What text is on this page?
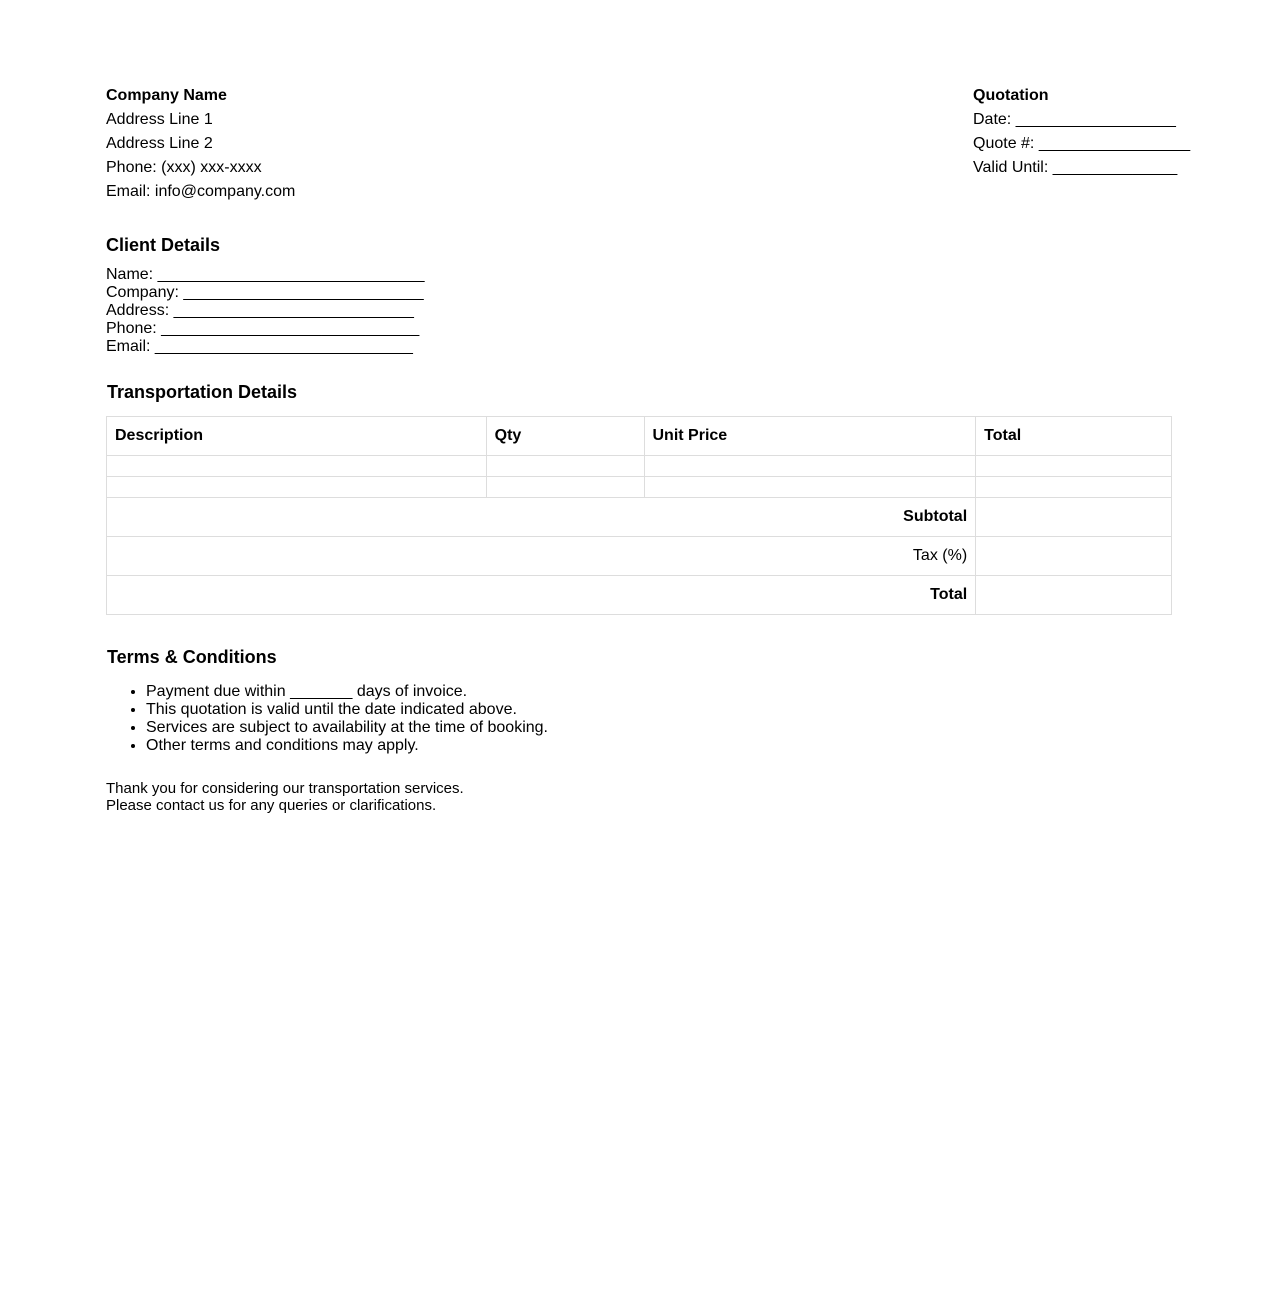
Company Name
Address Line 1
Address Line 2
Phone: (xxx) xxx-xxxx
Email: info@company.com
Quotation
Date: __________________
Quote #: _________________
Valid Until: ______________
Client Details
Name: ______________________________
Company: ___________________________
Address: ___________________________
Phone: _____________________________
Email: _____________________________
Transportation Details
Description	Qty	Unit Price	Total

Subtotal			
Tax (%)			
Total			
Terms & Conditions
• Payment due within _______ days of invoice.
• This quotation is valid until the date indicated above.
• Services are subject to availability at the time of booking.
• Other terms and conditions may apply.
Thank you for considering our transportation services.
Please contact us for any queries or clarifications.
